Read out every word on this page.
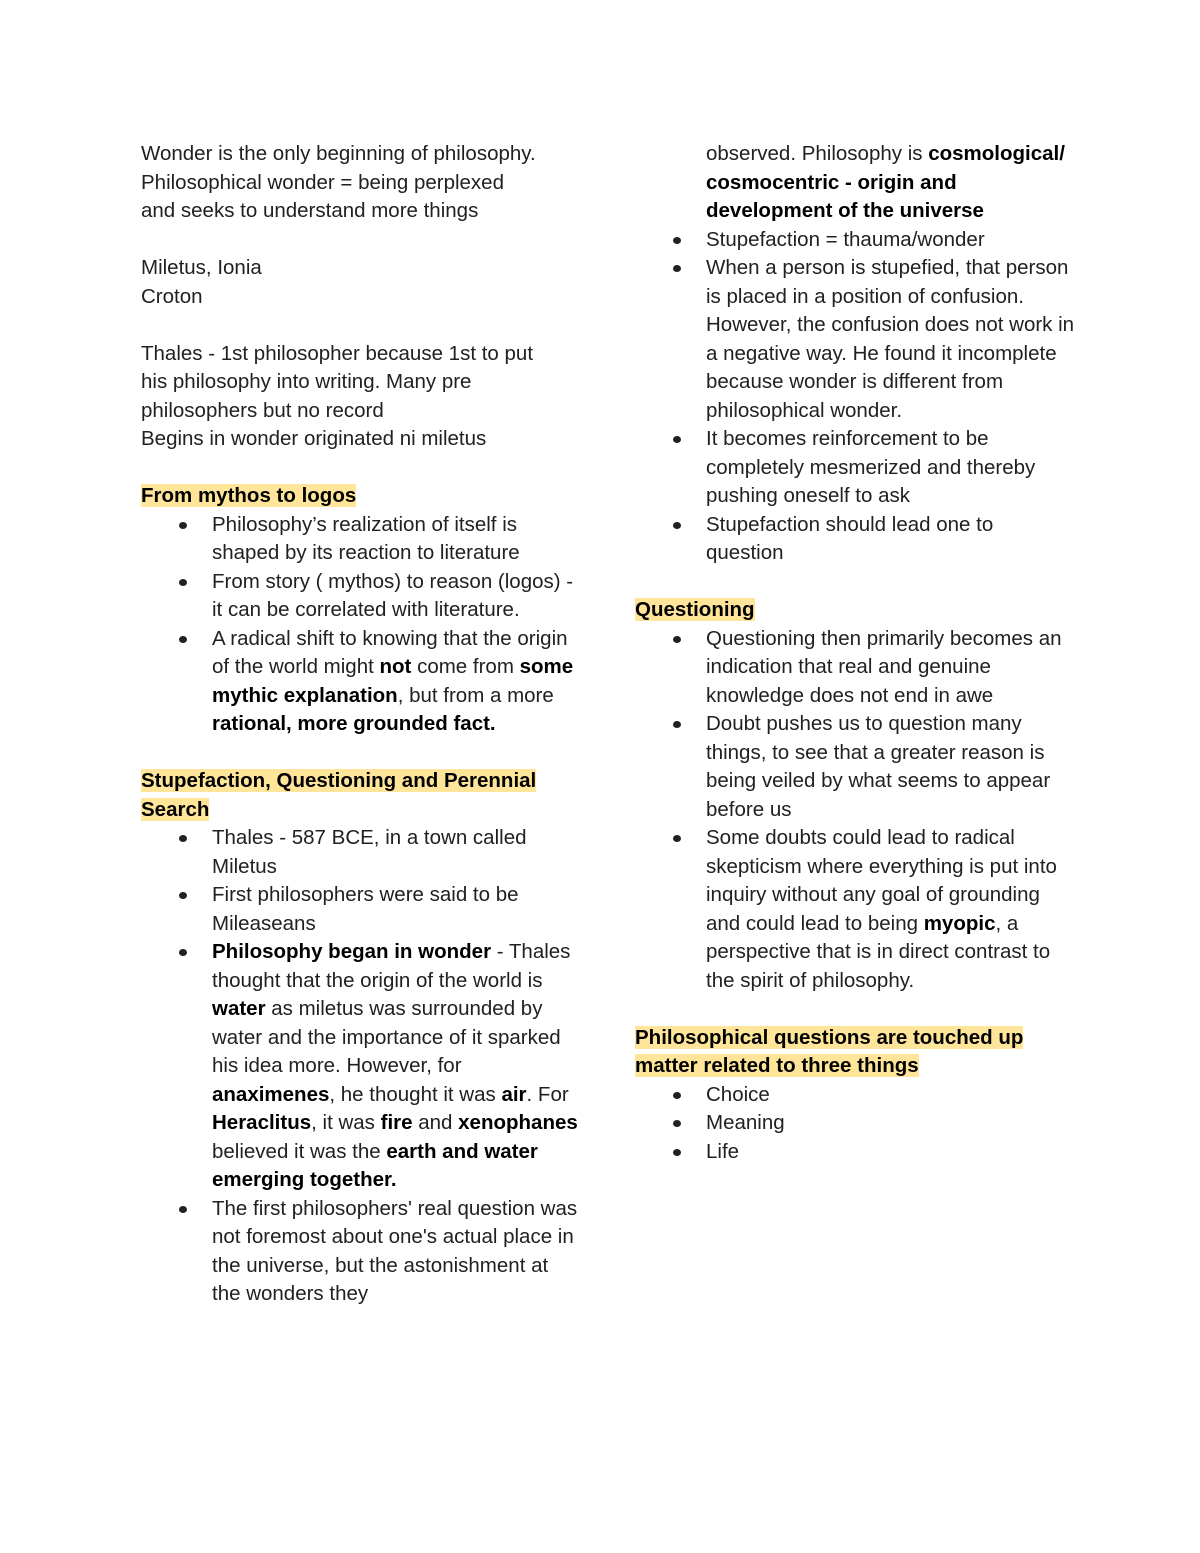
Wonder is the only beginning of philosophy.

Philosophical wonder = being perplexed

and seeks to understand more things

Miletus, Ionia

Croton

Thales - 1st philosopher because 1st to put

his philosophy into writing. Many pre

philosophers but no record

Begins in wonder originated ni miletus

From mythos to logos
Philosophy’s realization of itself is shaped by its reaction to literature
From story ( mythos) to reason (logos) - it can be correlated with literature.
A radical shift to knowing that the origin of the world might not come from some mythic explanation, but from a more rational, more grounded fact.
Stupefaction, Questioning and Perennial
Search
Thales - 587 BCE, in a town called Miletus
First philosophers were said to be Mileaseans
Philosophy began in wonder - Thales thought that the origin of the world is water as miletus was surrounded by water and the importance of it sparked his idea more. However, for anaximenes, he thought it was air. For Heraclitus, it was fire and xenophanes believed it was the earth and water emerging together.
The first philosophers' real question was not foremost about one's actual place in the universe, but the astonishment at the wonders they

observed. Philosophy is cosmological/ cosmocentric - origin and development of the universe

Stupefaction = thauma/wonder
When a person is stupefied, that person is placed in a position of confusion. However, the confusion does not work in a negative way. He found it incomplete because wonder is different from philosophical wonder.
It becomes reinforcement to be completely mesmerized and thereby pushing oneself to ask
Stupefaction should lead one to question
Questioning
Questioning then primarily becomes an indication that real and genuine knowledge does not end in awe
Doubt pushes us to question many things, to see that a greater reason is being veiled by what seems to appear before us
Some doubts could lead to radical skepticism where everything is put into inquiry without any goal of grounding and could lead to being myopic, a perspective that is in direct contrast to the spirit of philosophy.
Philosophical questions are touched up
matter related to three things
Choice
Meaning
Life
